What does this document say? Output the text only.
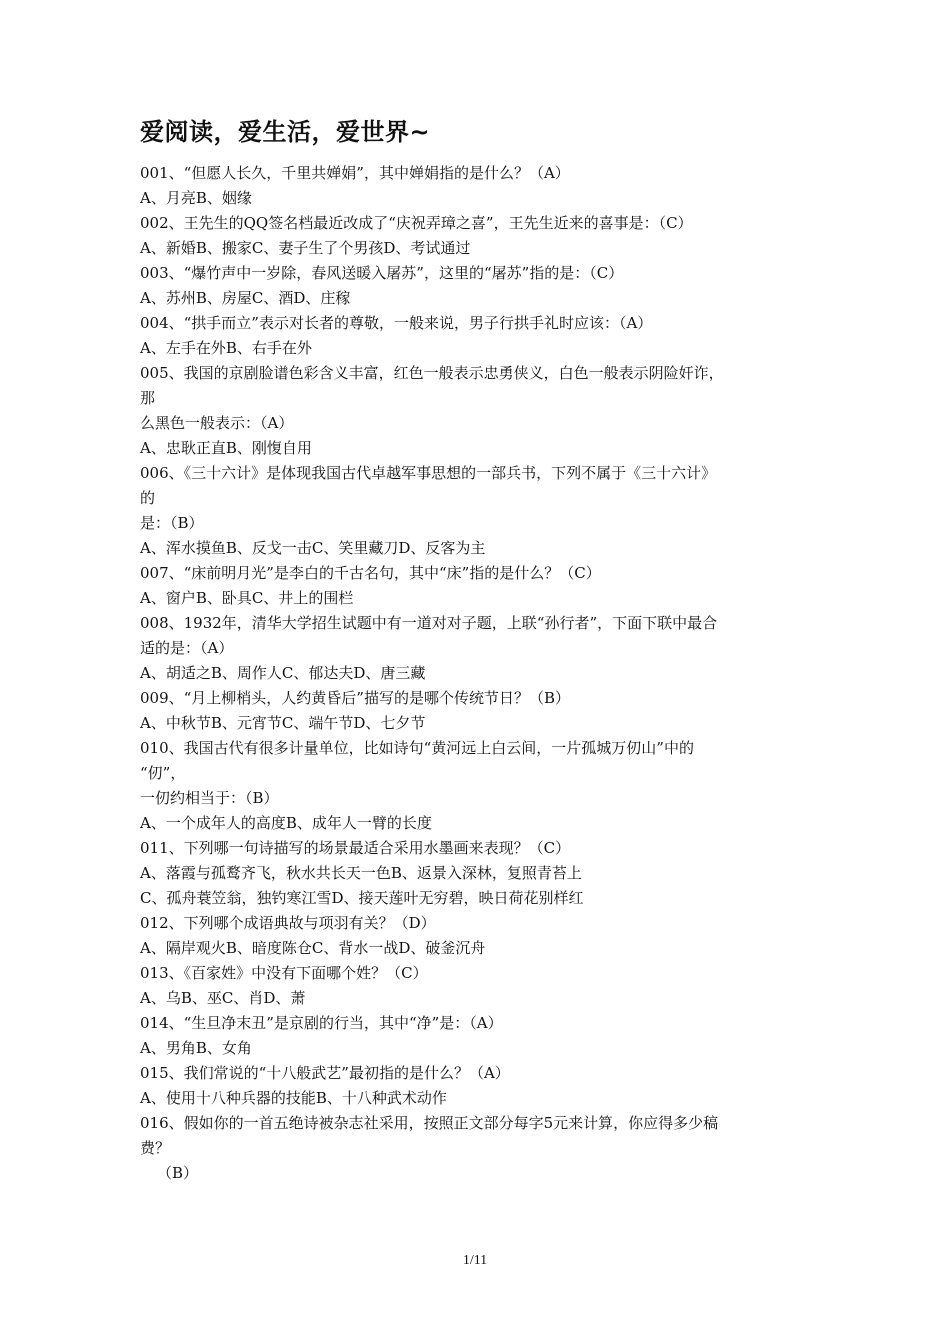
爱阅读，爱生活，爱世界~
001、“但愿人长久，千里共婵娟”，其中婵娟指的是什么？（A）
A、月亮B、姻缘
002、王先生的QQ签名档最近改成了“庆祝弄璋之喜”，王先生近来的喜事是：（C）
A、新婚B、搬家C、妻子生了个男孩D、考试通过
003、“爆竹声中一岁除，春风送暖入屠苏”，这里的“屠苏”指的是：（C）
A、苏州B、房屋C、酒D、庄稼
004、“拱手而立”表示对长者的尊敬，一般来说，男子行拱手礼时应该：（A）
A、左手在外B、右手在外
005、我国的京剧脸谱色彩含义丰富，红色一般表示忠勇侠义，白色一般表示阴险奸诈，
那
么黑色一般表示：（A）
A、忠耿正直B、刚愎自用
006、《三十六计》是体现我国古代卓越军事思想的一部兵书，下列不属于《三十六计》
的
是：（B）
A、浑水摸鱼B、反戈一击C、笑里藏刀D、反客为主
007、“床前明月光”是李白的千古名句，其中“床”指的是什么？（C）
A、窗户B、卧具C、井上的围栏
008、1932年，清华大学招生试题中有一道对对子题，上联“孙行者”，下面下联中最合
适的是：（A）
A、胡适之B、周作人C、郁达夫D、唐三藏
009、“月上柳梢头，人约黄昏后”描写的是哪个传统节日？（B）
A、中秋节B、元宵节C、端午节D、七夕节
010、我国古代有很多计量单位，比如诗句“黄河远上白云间，一片孤城万仞山”中的
“仞”，
一仞约相当于：（B）
A、一个成年人的高度B、成年人一臂的长度
011、下列哪一句诗描写的场景最适合采用水墨画来表现？（C）
A、落霞与孤鹜齐飞，秋水共长天一色B、返景入深林，复照青苔上
C、孤舟蓑笠翁，独钓寒江雪D、接天莲叶无穷碧，映日荷花别样红
012、下列哪个成语典故与项羽有关？（D）
A、隔岸观火B、暗度陈仓C、背水一战D、破釜沉舟
013、《百家姓》中没有下面哪个姓？（C）
A、乌B、巫C、肖D、萧
014、“生旦净末丑”是京剧的行当，其中“净”是：（A）
A、男角B、女角
015、我们常说的“十八般武艺”最初指的是什么？（A）
A、使用十八种兵器的技能B、十八种武术动作
016、假如你的一首五绝诗被杂志社采用，按照正文部分每字5元来计算，你应得多少稿
费？
（B）
1/11
